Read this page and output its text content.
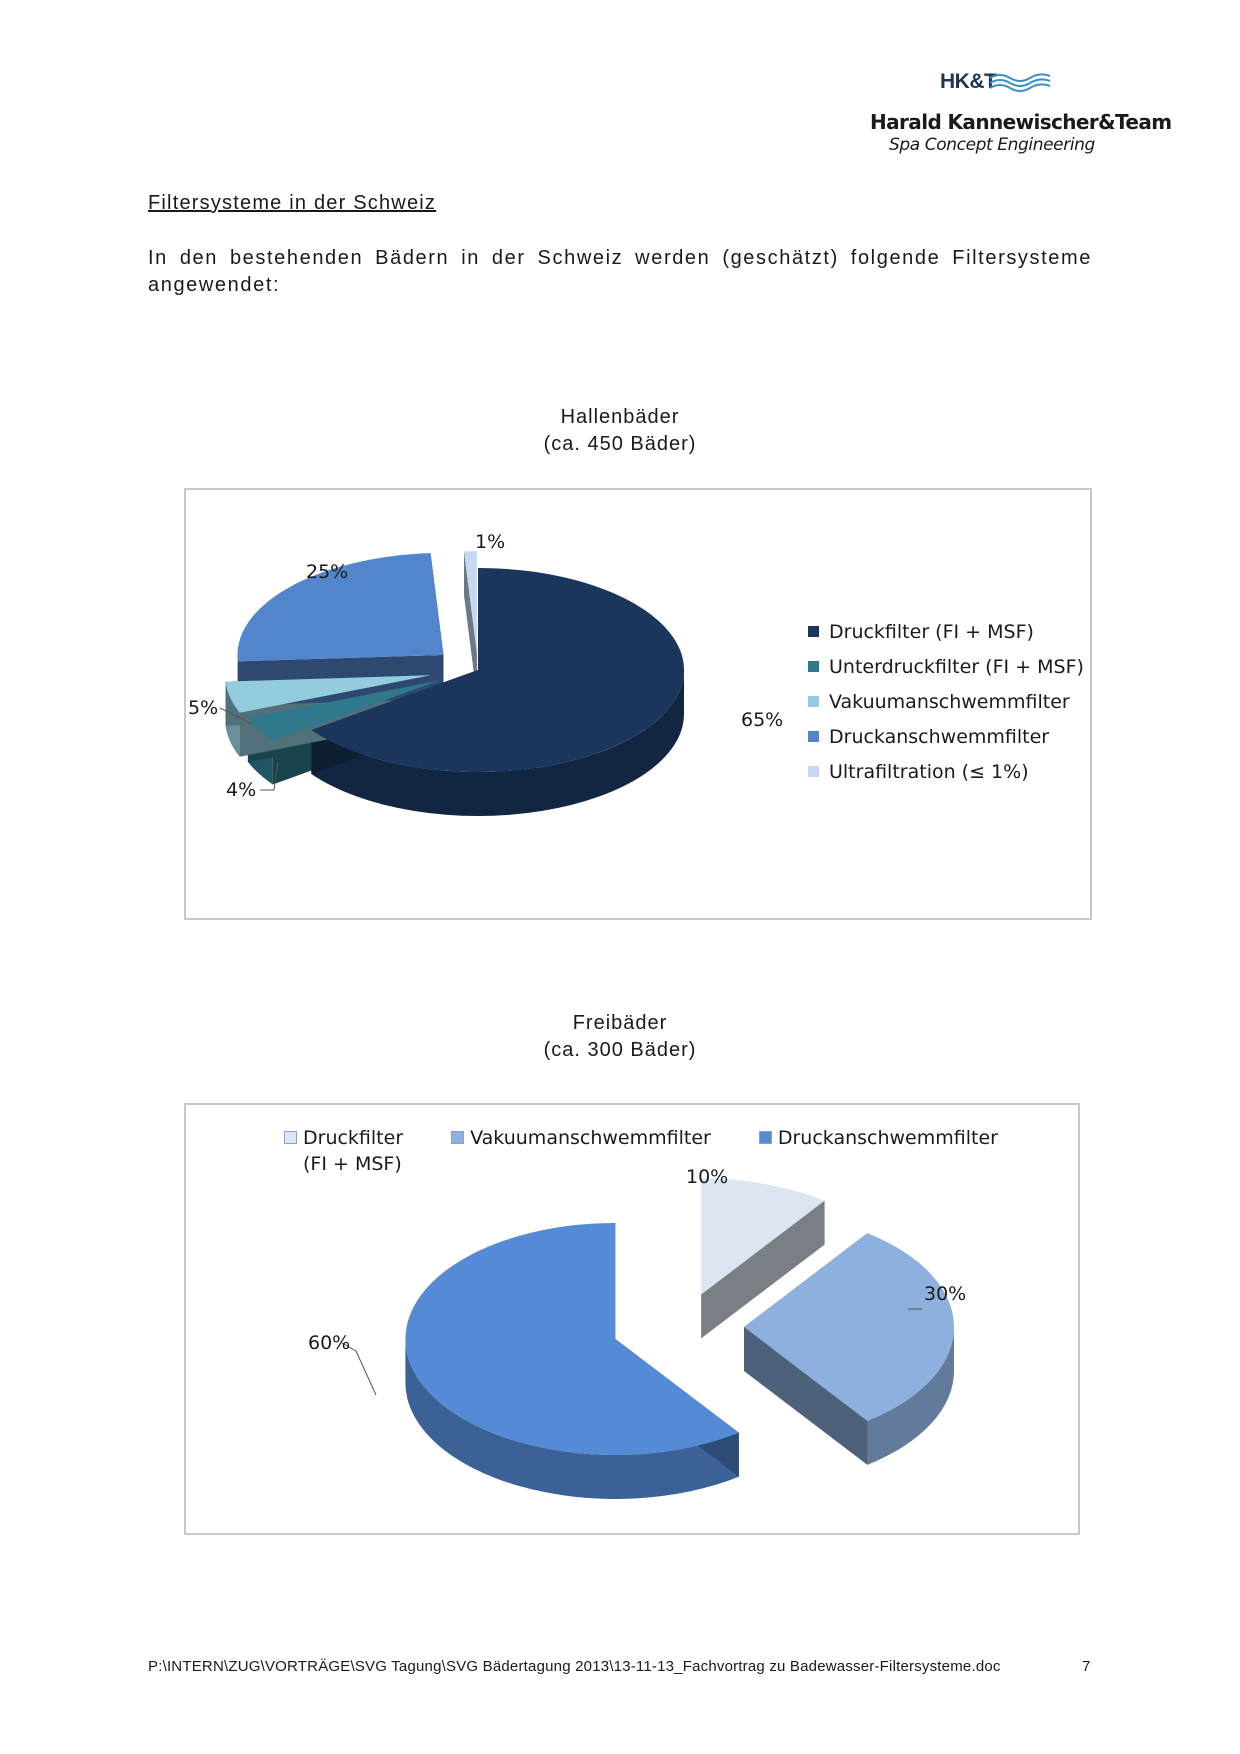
HK&T
Harald Kannewischer&Team
Spa Concept Engineering
Filtersysteme in der Schweiz
In den bestehenden Bädern in der Schweiz werden (geschätzt) folgende Filtersysteme angewendet:
Hallenbäder
(ca. 450 Bäder)
65%
4%
5%
25%
1%
Druckfilter (FI + MSF)
Unterdruckfilter (FI + MSF)
Vakuumanschwemmfilter
Druckanschwemmfilter
Ultrafiltration (≤ 1%)
Freibäder
(ca. 300 Bäder)
10%
30%
60%
Druckfilter
(FI + MSF)
Vakuumanschwemmfilter	Druckanschwemmfilter
P:\INTERN\ZUG\VORTRÄGE\SVG Tagung\SVG Bädertagung 2013\13-11-13_Fachvortrag zu Badewasser-Filtersysteme.doc	7
